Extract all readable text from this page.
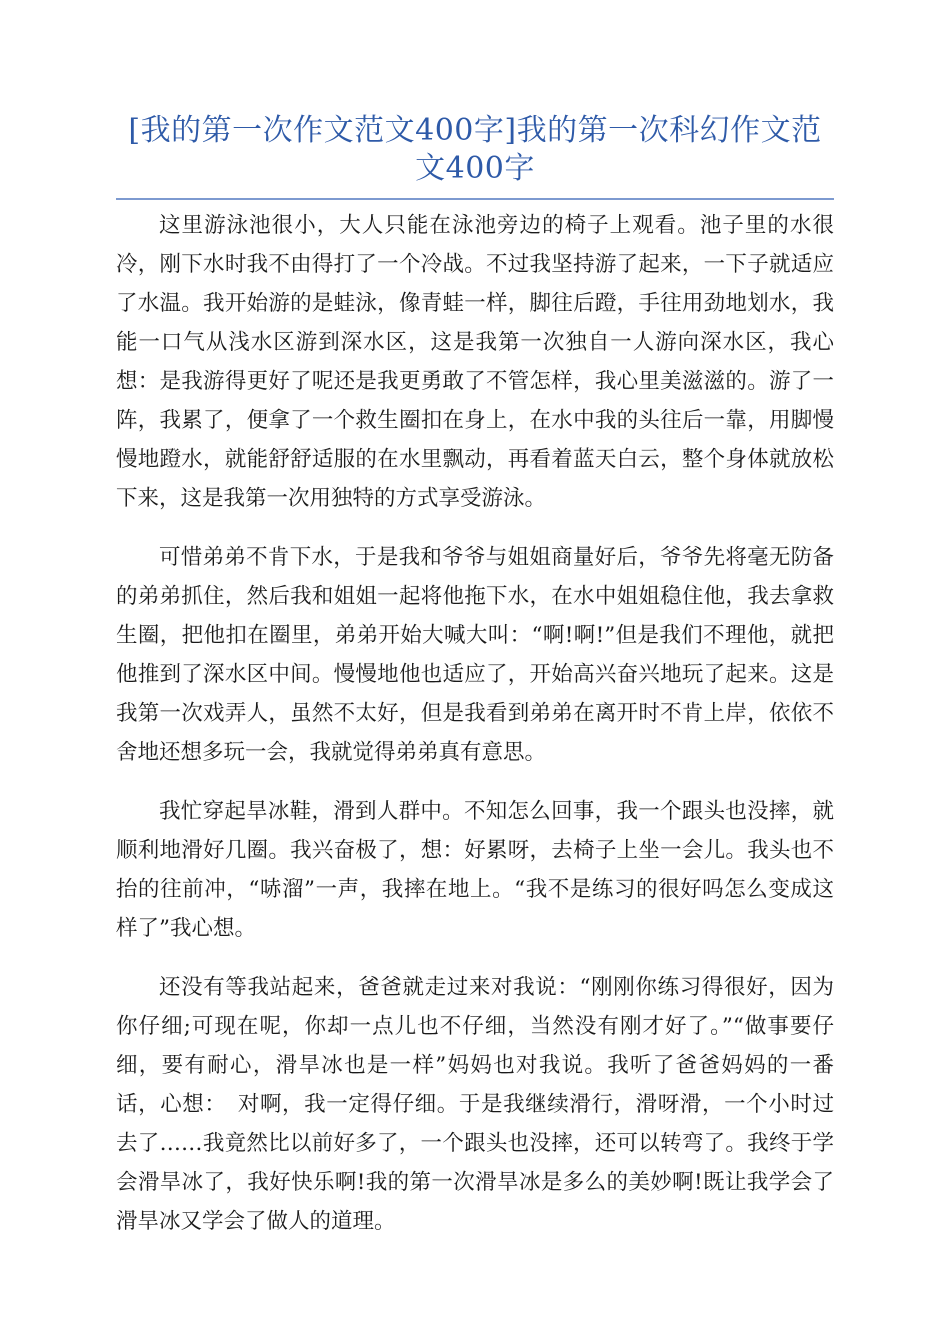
[我的第一次作文范文400字]我的第一次科幻作文范文400字

这里游泳池很小，大人只能在泳池旁边的椅子上观看。池子里的水很冷，刚下水时我不由得打了一个冷战。不过我坚持游了起来，一下子就适应了水温。我开始游的是蛙泳，像青蛙一样，脚往后蹬，手往用劲地划水，我能一口气从浅水区游到深水区，这是我第一次独自一人游向深水区，我心想：是我游得更好了呢还是我更勇敢了不管怎样，我心里美滋滋的。游了一阵，我累了，便拿了一个救生圈扣在身上，在水中我的头往后一靠，用脚慢慢地蹬水，就能舒舒适服的在水里飘动，再看着蓝天白云，整个身体就放松下来，这是我第一次用独特的方式享受游泳。

可惜弟弟不肯下水，于是我和爷爷与姐姐商量好后，爷爷先将毫无防备的弟弟抓住，然后我和姐姐一起将他拖下水，在水中姐姐稳住他，我去拿救生圈，把他扣在圈里，弟弟开始大喊大叫：“啊!啊!”但是我们不理他，就把他推到了深水区中间。慢慢地他也适应了，开始高兴奋兴地玩了起来。这是我第一次戏弄人，虽然不太好，但是我看到弟弟在离开时不肯上岸，依依不舍地还想多玩一会，我就觉得弟弟真有意思。

我忙穿起旱冰鞋，滑到人群中。不知怎么回事，我一个跟头也没摔，就顺利地滑好几圈。我兴奋极了，想：好累呀，去椅子上坐一会儿。我头也不抬的往前冲，“哧溜”一声，我摔在地上。“我不是练习的很好吗怎么变成这样了”我心想。

还没有等我站起来，爸爸就走过来对我说：“刚刚你练习得很好，因为你仔细;可现在呢，你却一点儿也不仔细，当然没有刚才好了。”“做事要仔细，要有耐心，滑旱冰也是一样”妈妈也对我说。我听了爸爸妈妈的一番话，心想：　对啊，我一定得仔细。于是我继续滑行，滑呀滑，一个小时过去了……我竟然比以前好多了，一个跟头也没摔，还可以转弯了。我终于学会滑旱冰了，我好快乐啊!我的第一次滑旱冰是多么的美妙啊!既让我学会了滑旱冰又学会了做人的道理。
